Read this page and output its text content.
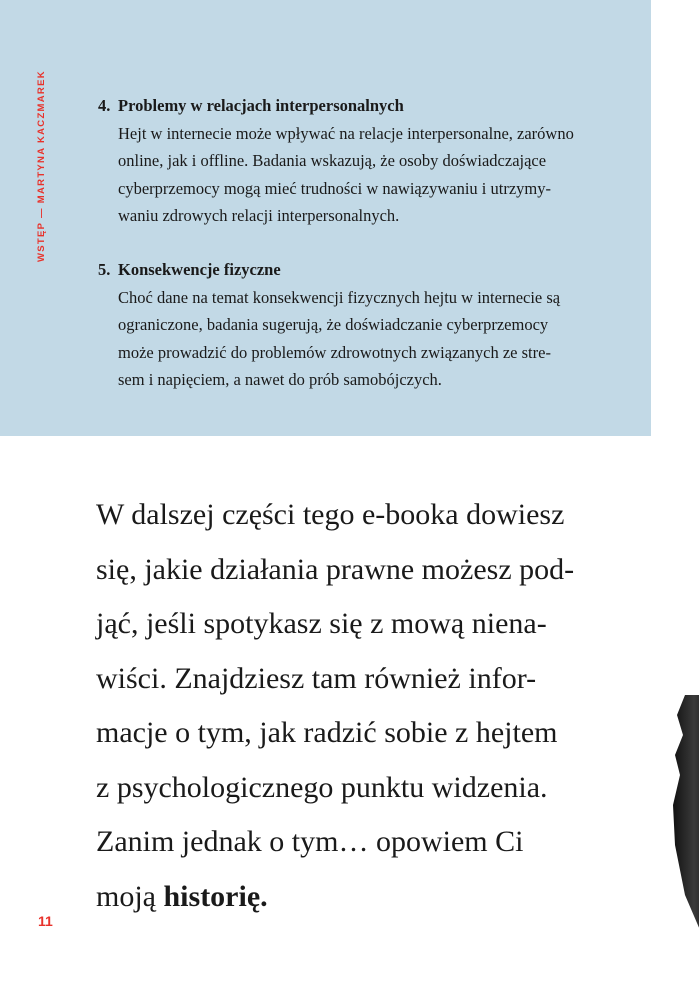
WSTĘP — MARTYNA KACZMAREK	4. Problemy w relacjach interpersonalnych
Hejt w internecie może wpływać na relacje interpersonalne, zarówno
online, jak i offline. Badania wskazują, że osoby doświadczające
cyberprzemocy mogą mieć trudności w nawiązywaniu i utrzymy-
waniu zdrowych relacji interpersonalnych.
5. Konsekwencje fizyczne
Choć dane na temat konsekwencji fizycznych hejtu w internecie są
ograniczone, badania sugerują, że doświadczanie cyberprzemocy
może prowadzić do problemów zdrowotnych związanych ze stre-
sem i napięciem, a nawet do prób samobójczych.
W dalszej części tego e-booka dowiesz
się, jakie działania prawne możesz pod-
jąć, jeśli spotykasz się z mową niena-
wiści. Znajdziesz tam również infor-
macje o tym, jak radzić sobie z hejtem
z psychologicznego punktu widzenia.
Zanim jednak o tym… opowiem Ci
moją historię.
11
